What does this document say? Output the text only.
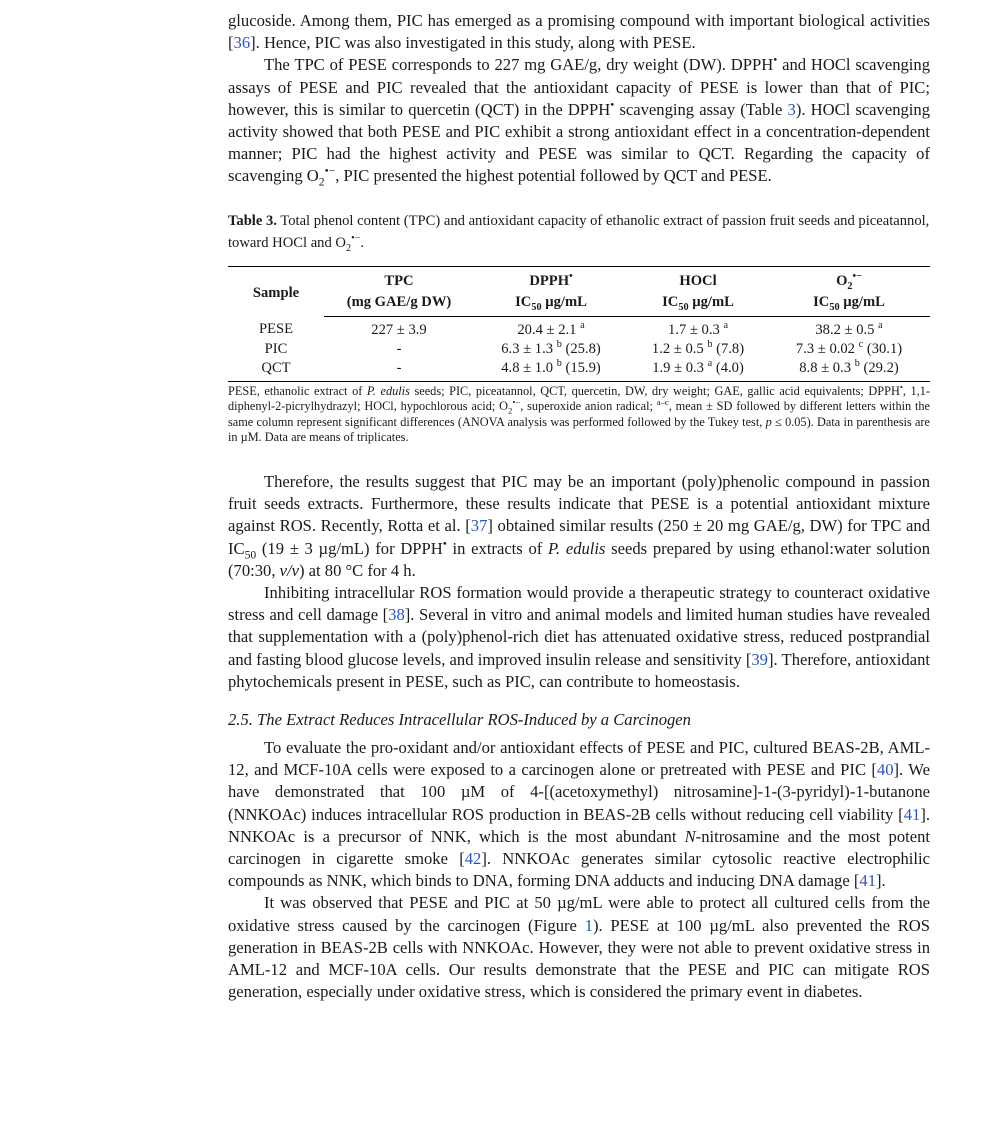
glucoside. Among them, PIC has emerged as a promising compound with important biological activities [36]. Hence, PIC was also investigated in this study, along with PESE.

The TPC of PESE corresponds to 227 mg GAE/g, dry weight (DW). DPPH• and HOCl scavenging assays of PESE and PIC revealed that the antioxidant capacity of PESE is lower than that of PIC; however, this is similar to quercetin (QCT) in the DPPH• scavenging assay (Table 3). HOCl scavenging activity showed that both PESE and PIC exhibit a strong antioxidant effect in a concentration-dependent manner; PIC had the highest activity and PESE was similar to QCT. Regarding the capacity of scavenging $O_2^{•-}$, PIC presented the highest potential followed by QCT and PESE.

Table 3. Total phenol content (TPC) and antioxidant capacity of ethanolic extract of passion fruit seeds and piceatannol, toward HOCl and $O_2^{•-}$.
Sample	TPC	DPPH•	HOCl	$O_2^{•-}$
	(mg GAE/g DW)	$IC_{50}$ µg/mL	$IC_{50}$ µg/mL	$IC_{50}$ µg/mL
PESE	227 ± 3.9	20.4 ± 2.1 $^a$	1.7 ± 0.3 $^a$	38.2 ± 0.5 $^a$
PIC	-	6.3 ± 1.3 $^b$ (25.8)	1.2 ± 0.5 $^b$ (7.8)	7.3 ± 0.02 $^c$ (30.1)
QCT	-	4.8 ± 1.0 $^b$ (15.9)	1.9 ± 0.3 $^a$ (4.0)	8.8 ± 0.3 $^b$ (29.2)
PESE, ethanolic extract of P. edulis seeds; PIC, piceatannol, QCT, quercetin, DW, dry weight; GAE, gallic acid equivalents; DPPH•, 1,1-diphenyl-2-picrylhydrazyl; HOCl, hypochlorous acid; $O_2^{•-}$, superoxide anion radical; $^{a-c}$, mean ± SD followed by different letters within the same column represent significant differences (ANOVA analysis was performed followed by the Tukey test, p ≤ 0.05). Data in parenthesis are in µM. Data are means of triplicates.

Therefore, the results suggest that PIC may be an important (poly)phenolic compound in passion fruit seeds extracts. Furthermore, these results indicate that PESE is a potential antioxidant mixture against ROS. Recently, Rotta et al. [37] obtained similar results (250 ± 20 mg GAE/g, DW) for TPC and $IC_{50}$ (19 ± 3 µg/mL) for DPPH• in extracts of P. edulis seeds prepared by using ethanol:water solution (70:30, v/v) at 80 °C for 4 h.

Inhibiting intracellular ROS formation would provide a therapeutic strategy to counteract oxidative stress and cell damage [38]. Several in vitro and animal models and limited human studies have revealed that supplementation with a (poly)phenol-rich diet has attenuated oxidative stress, reduced postprandial and fasting blood glucose levels, and improved insulin release and sensitivity [39]. Therefore, antioxidant phytochemicals present in PESE, such as PIC, can contribute to homeostasis.

2.5. The Extract Reduces Intracellular ROS-Induced by a Carcinogen

To evaluate the pro-oxidant and/or antioxidant effects of PESE and PIC, cultured BEAS-2B, AML-12, and MCF-10A cells were exposed to a carcinogen alone or pretreated with PESE and PIC [40]. We have demonstrated that 100 µM of 4-[(acetoxymethyl) nitrosamine]-1-(3-pyridyl)-1-butanone (NNKOAc) induces intracellular ROS production in BEAS-2B cells without reducing cell viability [41]. NNKOAc is a precursor of NNK, which is the most abundant N-nitrosamine and the most potent carcinogen in cigarette smoke [42]. NNKOAc generates similar cytosolic reactive electrophilic compounds as NNK, which binds to DNA, forming DNA adducts and inducing DNA damage [41].

It was observed that PESE and PIC at 50 µg/mL were able to protect all cultured cells from the oxidative stress caused by the carcinogen (Figure 1). PESE at 100 µg/mL also prevented the ROS generation in BEAS-2B cells with NNKOAc. However, they were not able to prevent oxidative stress in AML-12 and MCF-10A cells. Our results demonstrate that the PESE and PIC can mitigate ROS generation, especially under oxidative stress, which is considered the primary event in diabetes.
